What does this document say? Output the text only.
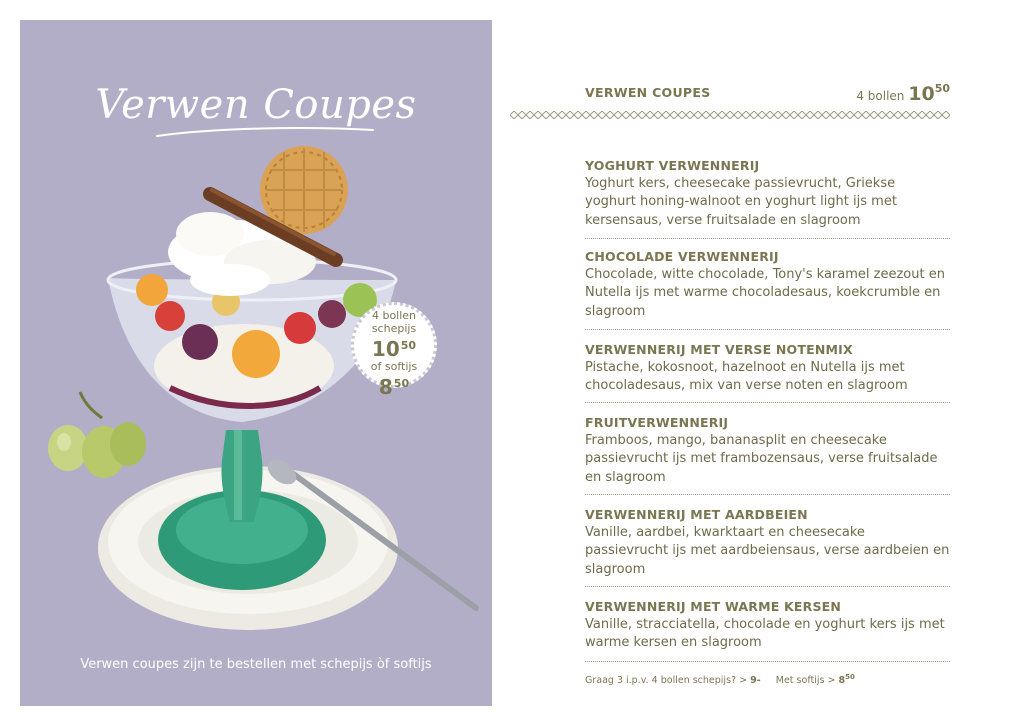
Verwen Coupes
4 bollen
schepijs
$10^{50}$
of softijs
$8^{50}$
Verwen coupes zijn te bestellen met schepijs òf softijs
VERWEN COUPES	4 bollen $10^{50}$
YOGHURT VERWENNERIJ
Yoghurt kers, cheesecake passievrucht, Griekse yoghurt honing-walnoot en yoghurt light ijs met kersensaus, verse fruitsalade en slagroom
CHOCOLADE VERWENNERIJ
Chocolade, witte chocolade, Tony's karamel zeezout en Nutella ijs met warme chocoladesaus, koekcrumble en slagroom
VERWENNERIJ MET VERSE NOTENMIX
Pistache, kokosnoot, hazelnoot en Nutella ijs met chocoladesaus, mix van verse noten en slagroom
FRUITVERWENNERIJ
Framboos, mango, bananasplit en cheesecake passievrucht ijs met frambozensaus, verse fruitsalade en slagroom
VERWENNERIJ MET AARDBEIEN
Vanille, aardbei, kwarktaart en cheesecake passievrucht ijs met aardbeiensaus, verse aardbeien en slagroom
VERWENNERIJ MET WARME KERSEN
Vanille, stracciatella, chocolade en yoghurt kers ijs met warme kersen en slagroom
Graag 3 i.p.v. 4 bollen schepijs? > 9- Met softijs > $8^{50}$
